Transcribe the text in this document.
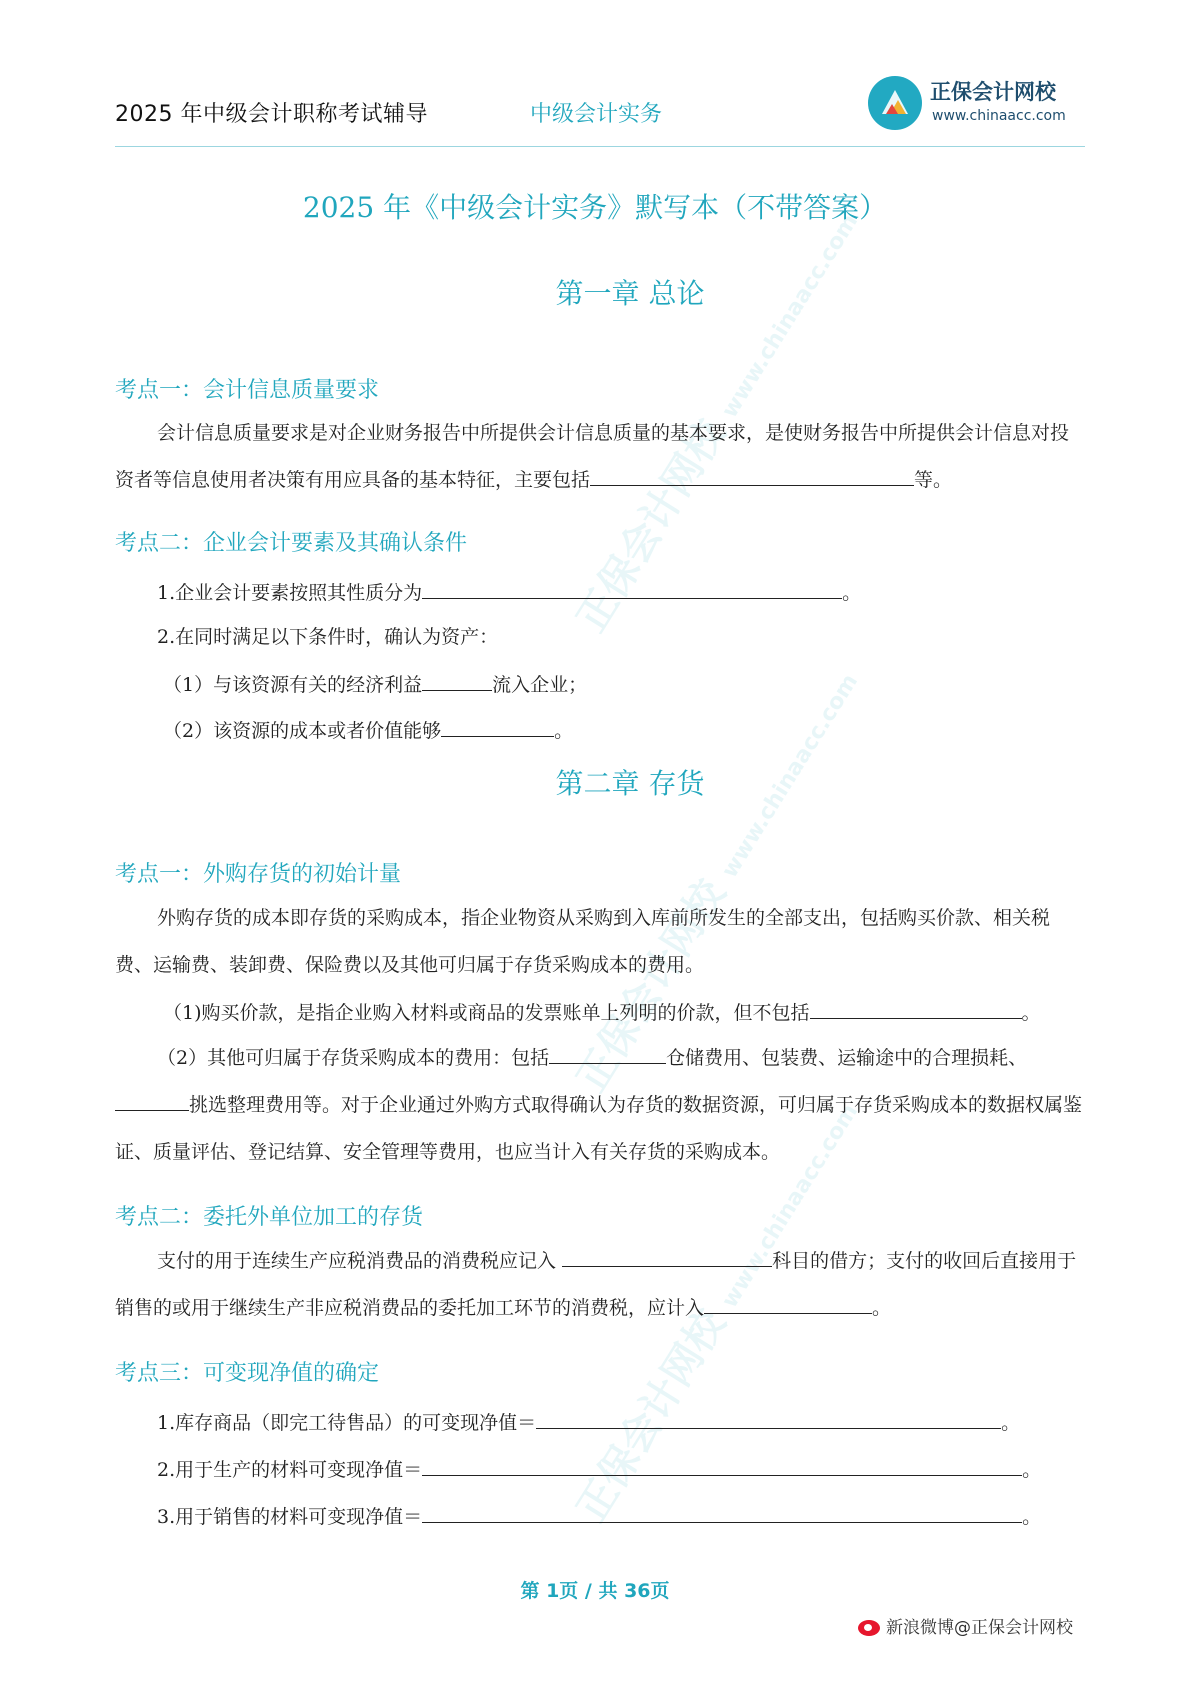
2025 年中级会计职称考试辅导	中级会计实务
正保会计网校
www.chinaacc.com
正保会计网校 www.chinaacc.com
正保会计网校 www.chinaacc.com
正保会计网校 www.chinaacc.com
2025 年《中级会计实务》默写本（不带答案）
第一章 总论
考点一：会计信息质量要求
会计信息质量要求是对企业财务报告中所提供会计信息质量的基本要求，是使财务报告中所提供会计信息对投资者等信息使用者决策有用应具备的基本特征，主要包括	等。
考点二：企业会计要素及其确认条件
1.企业会计要素按照其性质分为	。
2.在同时满足以下条件时，确认为资产：
（1）与该资源有关的经济利益	流入企业；
（2）该资源的成本或者价值能够	。
第二章 存货
考点一：外购存货的初始计量
外购存货的成本即存货的采购成本，指企业物资从采购到入库前所发生的全部支出，包括购买价款、相关税费、运输费、装卸费、保险费以及其他可归属于存货采购成本的费用。
（1)购买价款，是指企业购入材料或商品的发票账单上列明的价款，但不包括	。
（2）其他可归属于存货采购成本的费用：包括	仓储费用、包装费、运输途中的合理损耗、挑选整理费用等。对于企业通过外购方式取得确认为存货的数据资源，可归属于存货采购成本的数据权属鉴证、质量评估、登记结算、安全管理等费用，也应当计入有关存货的采购成本。
考点二：委托外单位加工的存货
支付的用于连续生产应税消费品的消费税应记入	科目的借方；支付的收回后直接用于销售的或用于继续生产非应税消费品的委托加工环节的消费税，应计入	。
考点三：可变现净值的确定
1.库存商品（即完工待售品）的可变现净值＝	。
2.用于生产的材料可变现净值＝	。
3.用于销售的材料可变现净值＝	。
第 1页 / 共 36页
新浪微博@正保会计网校
